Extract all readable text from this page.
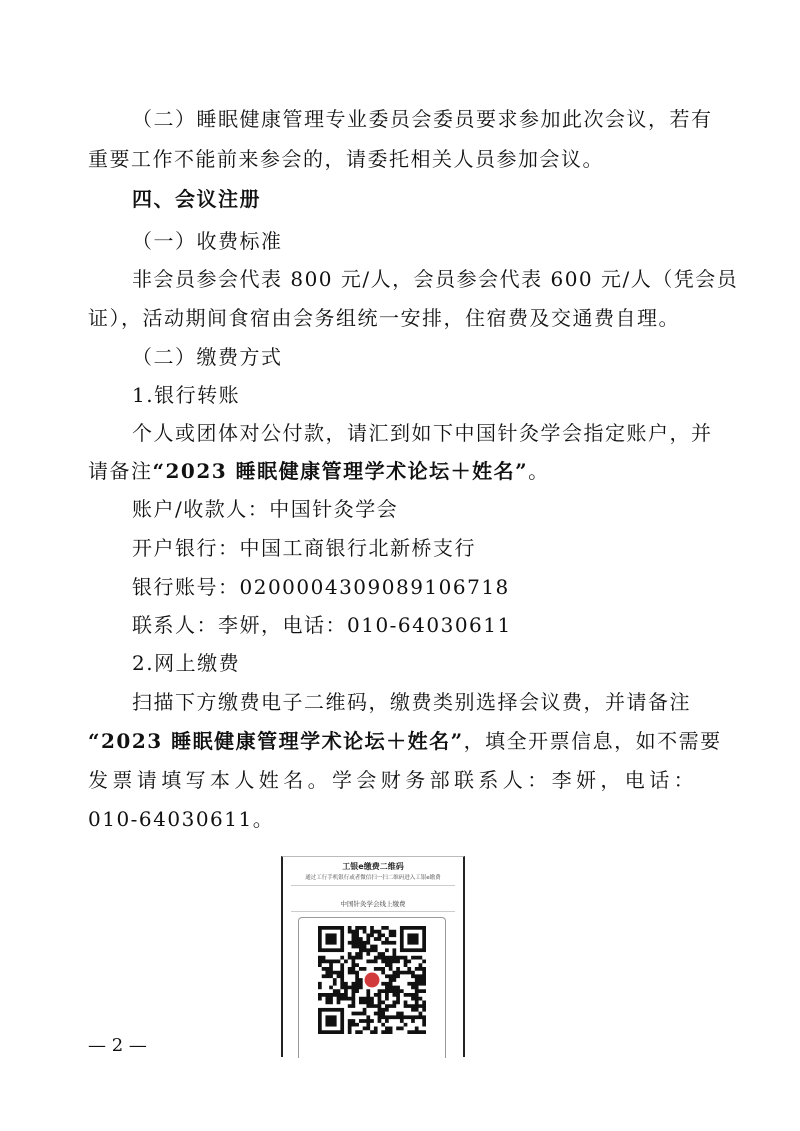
（二）睡眠健康管理专业委员会委员要求参加此次会议，若有
重要工作不能前来参会的，请委托相关人员参加会议。
四、会议注册
（一）收费标准
非会员参会代表 800 元/人，会员参会代表 600 元/人（凭会员
证），活动期间食宿由会务组统一安排，住宿费及交通费自理。
（二）缴费方式
1.银行转账
个人或团体对公付款，请汇到如下中国针灸学会指定账户，并
请备注“2023 睡眠健康管理学术论坛＋姓名”。
账户/收款人：中国针灸学会
开户银行：中国工商银行北新桥支行
银行账号：0200004309089106718
联系人：李妍，电话：010-64030611
2.网上缴费
扫描下方缴费电子二维码，缴费类别选择会议费，并请备注
“2023 睡眠健康管理学术论坛＋姓名”，填全开票信息，如不需要
发票请填写本人姓名。学会财务部联系人：李妍，电话：
010-64030611。
工银e缴费二维码
通过工行手机银行或者微信扫一扫二维码进入工银e缴费
中国针灸学会线上缴费
— 2 —
